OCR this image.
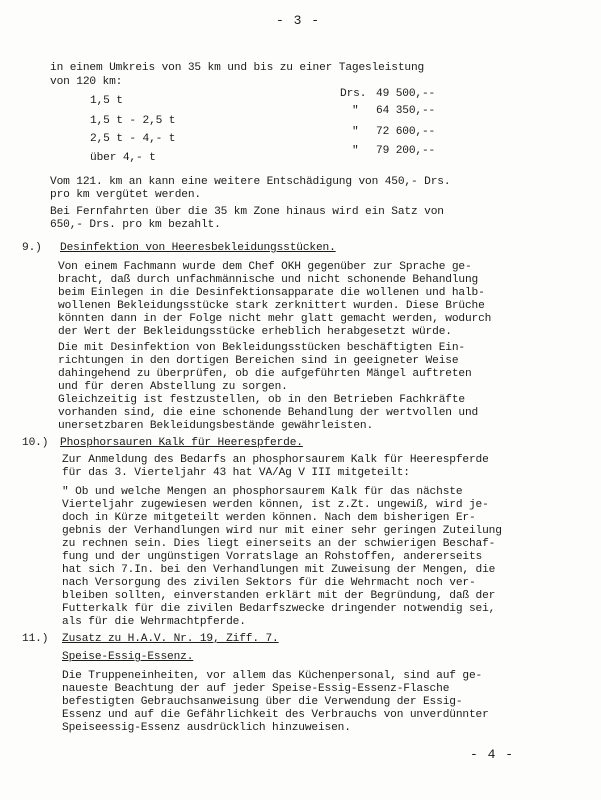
- 3 -
in einem Umkreis von 35 km und bis zu einer Tagesleistung
von 120 km:
1,5 t
Drs. 49 500,--
1,5 t - 2,5 t
" 64 350,--
2,5 t - 4,- t
" 72 600,--
über 4,- t
" 79 200,--
Vom 121. km an kann eine weitere Entschädigung von 450,- Drs.
pro km vergütet werden.
Bei Fernfahrten über die 35 km Zone hinaus wird ein Satz von
650,- Drs. pro km bezahlt.
9.) Desinfektion von Heeresbekleidungsstücken.
Von einem Fachmann wurde dem Chef OKH gegenüber zur Sprache ge-
bracht, daß durch unfachmännische und nicht schonende Behandlung
beim Einlegen in die Desinfektionsapparate die wollenen und halb-
wollenen Bekleidungsstücke stark zerknittert wurden. Diese Brüche
könnten dann in der Folge nicht mehr glatt gemacht werden, wodurch
der Wert der Bekleidungsstücke erheblich herabgesetzt würde.
Die mit Desinfektion von Bekleidungsstücken beschäftigten Ein-
richtungen in den dortigen Bereichen sind in geeigneter Weise
dahingehend zu überprüfen, ob die aufgeführten Mängel auftreten
und für deren Abstellung zu sorgen.
Gleichzeitig ist festzustellen, ob in den Betrieben Fachkräfte
vorhanden sind, die eine schonende Behandlung der wertvollen und
unersetzbaren Bekleidungsbestände gewährleisten.
10.) Phosphorsauren Kalk für Heerespferde.
Zur Anmeldung des Bedarfs an phosphorsaurem Kalk für Heerespferde
für das 3. Vierteljahr 43 hat VA/Ag V III mitgeteilt:
" Ob und welche Mengen an phosphorsaurem Kalk für das nächste
Vierteljahr zugewiesen werden können, ist z.Zt. ungewiß, wird je-
doch in Kürze mitgeteilt werden können. Nach dem bisherigen Er-
gebnis der Verhandlungen wird nur mit einer sehr geringen Zuteilung
zu rechnen sein. Dies liegt einerseits an der schwierigen Beschaf-
fung und der ungünstigen Vorratslage an Rohstoffen, andererseits
hat sich 7.In. bei den Verhandlungen mit Zuweisung der Mengen, die
nach Versorgung des zivilen Sektors für die Wehrmacht noch ver-
bleiben sollten, einverstanden erklärt mit der Begründung, daß der
Futterkalk für die zivilen Bedarfszwecke dringender notwendig sei,
als für die Wehrmachtpferde.
11.) Zusatz zu H.A.V. Nr. 19, Ziff. 7.
Speise-Essig-Essenz.
Die Truppeneinheiten, vor allem das Küchenpersonal, sind auf ge-
naueste Beachtung der auf jeder Speise-Essig-Essenz-Flasche
befestigten Gebrauchsanweisung über die Verwendung der Essig-
Essenz und auf die Gefährlichkeit des Verbrauchs von unverdünnter
Speiseessig-Essenz ausdrücklich hinzuweisen.
- 4 -
